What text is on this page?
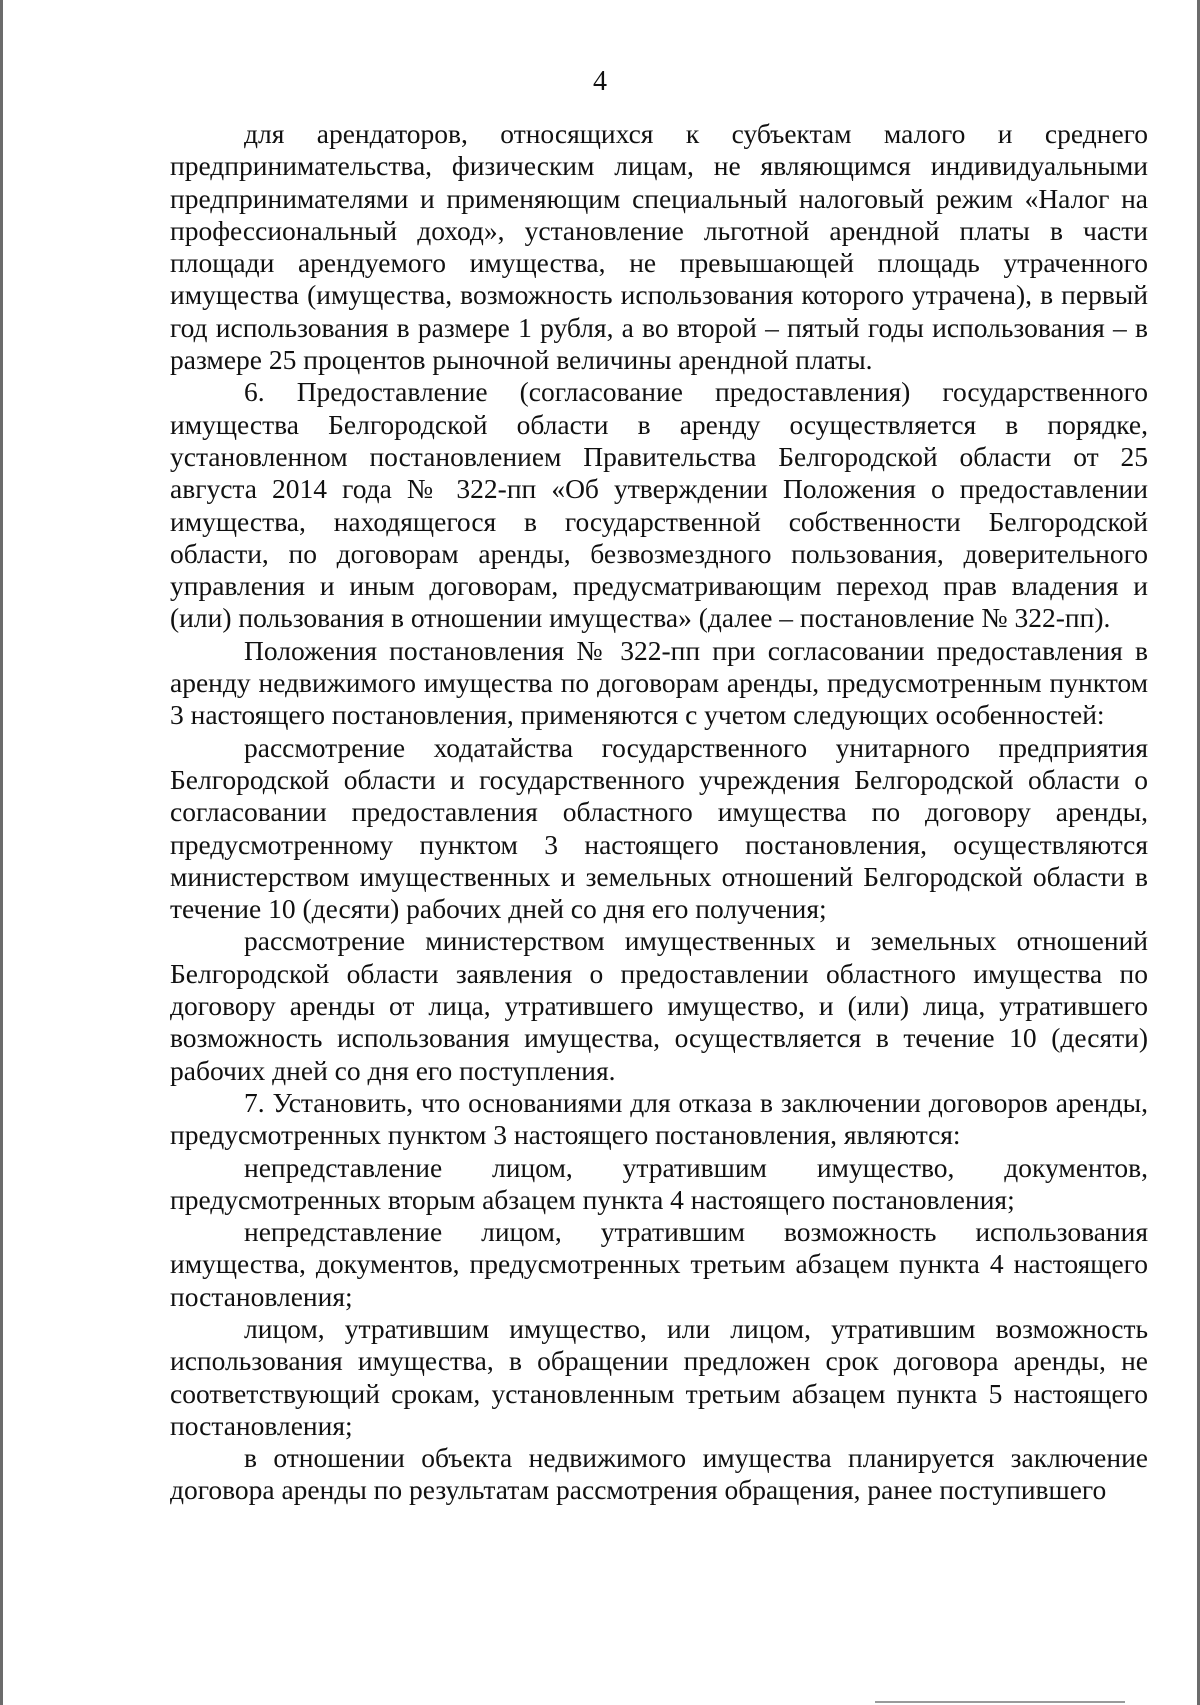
4

для арендаторов, относящихся к субъектам малого и среднего предпринимательства, физическим лицам, не являющимся индивидуальными предпринимателями и применяющим специальный налоговый режим «Налог на профессиональный доход», установление льготной арендной платы в части площади арендуемого имущества, не превышающей площадь утраченного имущества (имущества, возможность использования которого утрачена), в первый год использования в размере 1 рубля, а во второй – пятый годы использования – в размере 25 процентов рыночной величины арендной платы.

6. Предоставление (согласование предоставления) государственного имущества Белгородской области в аренду осуществляется в порядке, установленном постановлением Правительства Белгородской области от 25 августа 2014 года № 322-пп «Об утверждении Положения о предоставлении имущества, находящегося в государственной собственности Белгородской области, по договорам аренды, безвозмездного пользования, доверительного управления и иным договорам, предусматривающим переход прав владения и (или) пользования в отношении имущества» (далее – постановление № 322-пп).

Положения постановления № 322-пп при согласовании предоставления в аренду недвижимого имущества по договорам аренды, предусмотренным пунктом 3 настоящего постановления, применяются с учетом следующих особенностей:

рассмотрение ходатайства государственного унитарного предприятия Белгородской области и государственного учреждения Белгородской области о согласовании предоставления областного имущества по договору аренды, предусмотренному пунктом 3 настоящего постановления, осуществляются министерством имущественных и земельных отношений Белгородской области в течение 10 (десяти) рабочих дней со дня его получения;

рассмотрение министерством имущественных и земельных отношений Белгородской области заявления о предоставлении областного имущества по договору аренды от лица, утратившего имущество, и (или) лица, утратившего возможность использования имущества, осуществляется в течение 10 (десяти) рабочих дней со дня его поступления.

7. Установить, что основаниями для отказа в заключении договоров аренды, предусмотренных пунктом 3 настоящего постановления, являются:

непредставление лицом, утратившим имущество, документов, предусмотренных вторым абзацем пункта 4 настоящего постановления;

непредставление лицом, утратившим возможность использования имущества, документов, предусмотренных третьим абзацем пункта 4 настоящего постановления;

лицом, утратившим имущество, или лицом, утратившим возможность использования имущества, в обращении предложен срок договора аренды, не соответствующий срокам, установленным третьим абзацем пункта 5 настоящего постановления;

в отношении объекта недвижимого имущества планируется заключение договора аренды по результатам рассмотрения обращения, ранее поступившего
